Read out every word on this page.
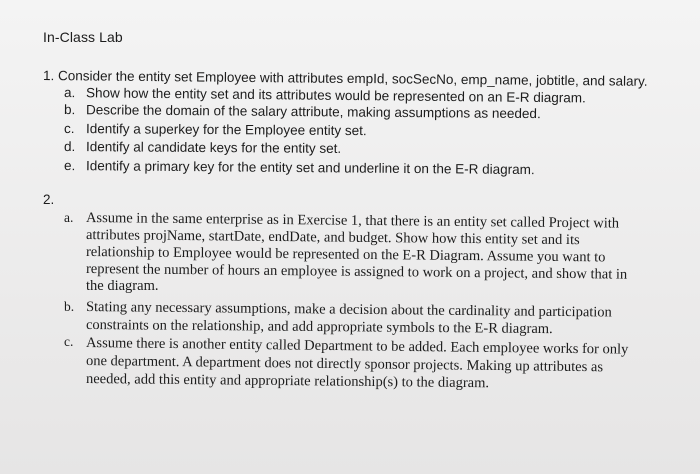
In-Class Lab
1. Consider the entity set Employee with attributes empId, socSecNo, emp_name, jobtitle, and salary.
a. Show how the entity set and its attributes would be represented on an E-R diagram.
b. Describe the domain of the salary attribute, making assumptions as needed.
c. Identify a superkey for the Employee entity set.
d. Identify al candidate keys for the entity set.
e. Identify a primary key for the entity set and underline it on the E-R diagram.
2.
a. Assume in the same enterprise as in Exercise 1, that there is an entity set called Project with
attributes projName, startDate, endDate, and budget. Show how this entity set and its
relationship to Employee would be represented on the E-R Diagram. Assume you want to
represent the number of hours an employee is assigned to work on a project, and show that in
the diagram.
b. Stating any necessary assumptions, make a decision about the cardinality and participation
constraints on the relationship, and add appropriate symbols to the E-R diagram.
c. Assume there is another entity called Department to be added. Each employee works for only
one department. A department does not directly sponsor projects. Making up attributes as
needed, add this entity and appropriate relationship(s) to the diagram.
